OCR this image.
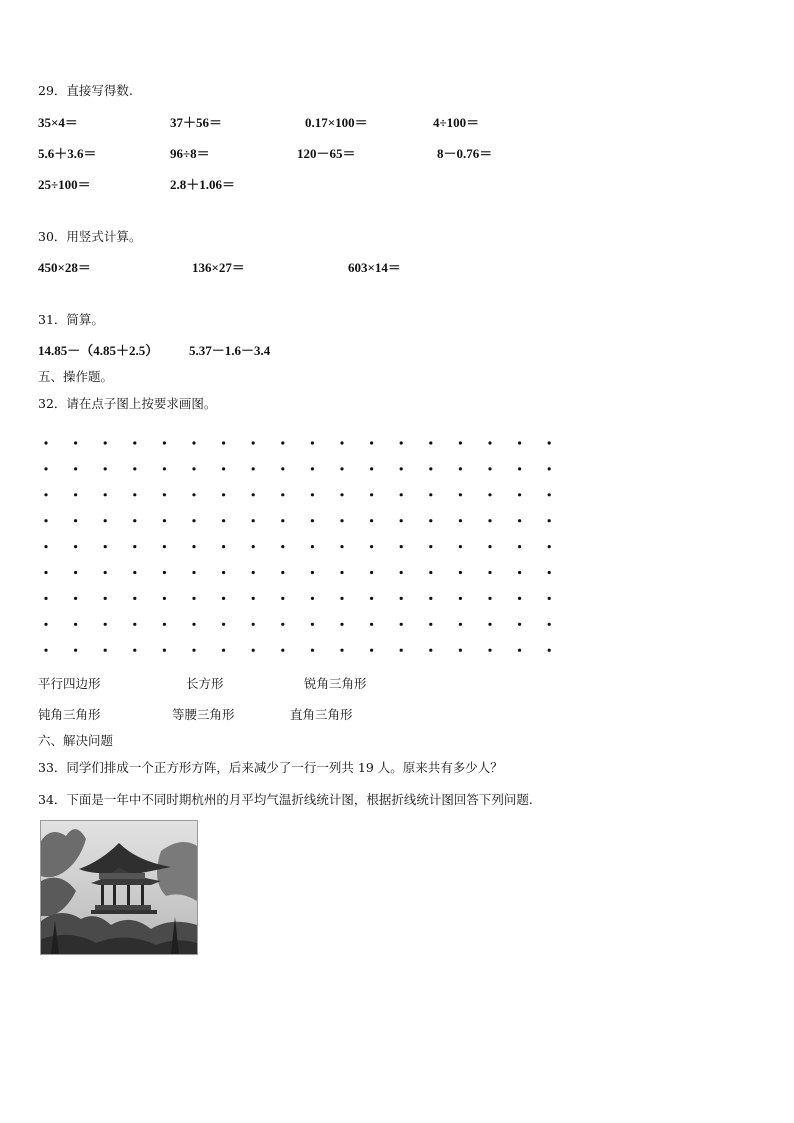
29．直接写得数.
35×4＝	37＋56＝	0.17×100＝	4÷100＝
5.6＋3.6＝	96÷8＝	120－65＝	8－0.76＝
25÷100＝	2.8＋1.06＝
30．用竖式计算。
450×28＝	136×27＝	603×14＝
31．简算。
14.85－（4.85＋2.5） 5.37－1.6－3.4
五、操作题。
32．请在点子图上按要求画图。
平行四边形	长方形	锐角三角形
钝角三角形	等腰三角形	直角三角形
六、解决问题
33．同学们排成一个正方形方阵，后来减少了一行一列共 19 人。原来共有多少人？
34．下面是一年中不同时期杭州的月平均气温折线统计图，根据折线统计图回答下列问题.
